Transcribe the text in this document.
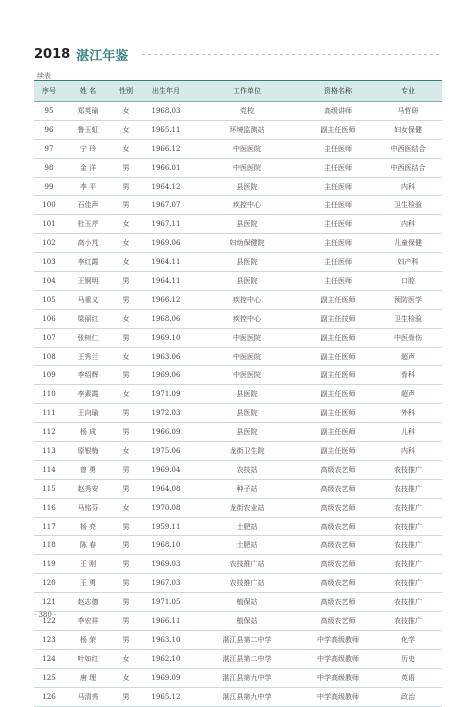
2018 湛江年鉴
续表
序号	姓 名	性别	出生年月	工作单位	资格名称	专业
95	郑英瑜	女	1968.03	党校	高级讲师	马哲研
96	鲁玉虹	女	1965.11	环境监测站	副主任医师	妇女保健
97	宁 玲	女	1966.12	中医医院	主任医师	中西医结合
98	金 洋	男	1966.01	中医医院	主任医师	中西医结合
99	李 平	男	1964.12	县医院	主任医师	内科
100	石佳声	男	1967.07	疾控中心	主任医师	卫生检验
101	杜玉芹	女	1967.11	县医院	主任医师	内科
102	高小芃	女	1969.06	妇幼保健院	主任医师	儿童保健
103	李红霞	女	1964.11	县医院	主任医师	妇产科
104	王铜明	男	1964.11	县医院	主任医师	口腔
105	马重义	男	1966.12	疾控中心	副主任医师	预防医学
106	梁丽红	女	1968.06	疾控中心	副主任技师	卫生检验
107	张树仁	男	1969.10	中医医院	副主任医师	中医骨伤
108	王秀兰	女	1963.06	中医医院	副主任医师	超声
109	李绍辉	男	1969.06	中医医院	副主任医师	骨科
110	李素霞	女	1971.09	县医院	副主任医师	超声
111	王向瑜	男	1972.03	县医院	副主任医师	外科
112	杨 成	男	1966.09	县医院	副主任医师	儿科
113	原银梅	女	1975.06	龙街卫生院	副主任医师	内科
114	曾 勇	男	1969.04	农技站	高级农艺师	农技推广
115	赵秀安	男	1964.08	种子站	高级农艺师	农技推广
116	马铭芬	女	1970.08	龙街农业站	高级农艺师	农技推广
117	杨 亮	男	1959.11	土肥站	高级农艺师	农技推广
118	陈 春	男	1968.10	土肥站	高级农艺师	农技推广
119	王 刚	男	1969.03	农技推广站	高级农艺师	农技推广
120	王 勇	男	1967.03	农技推广站	高级农艺师	农技推广
121	赵志德	男	1971.05	植保站	高级农艺师	农技推广
122	李宏祥	男	1966.11	植保站	高级农艺师	农技推广
123	杨 荣	男	1963.10	湛江县第二中学	中学高级教师	化学
124	叶如红	女	1962.10	湛江县第二中学	中学高级教师	历史
125	唐 理	女	1969.09	湛江县第九中学	中学高级教师	英语
126	马清秀	男	1965.12	湛江县第九中学	中学高级教师	政治
· 380 ·
